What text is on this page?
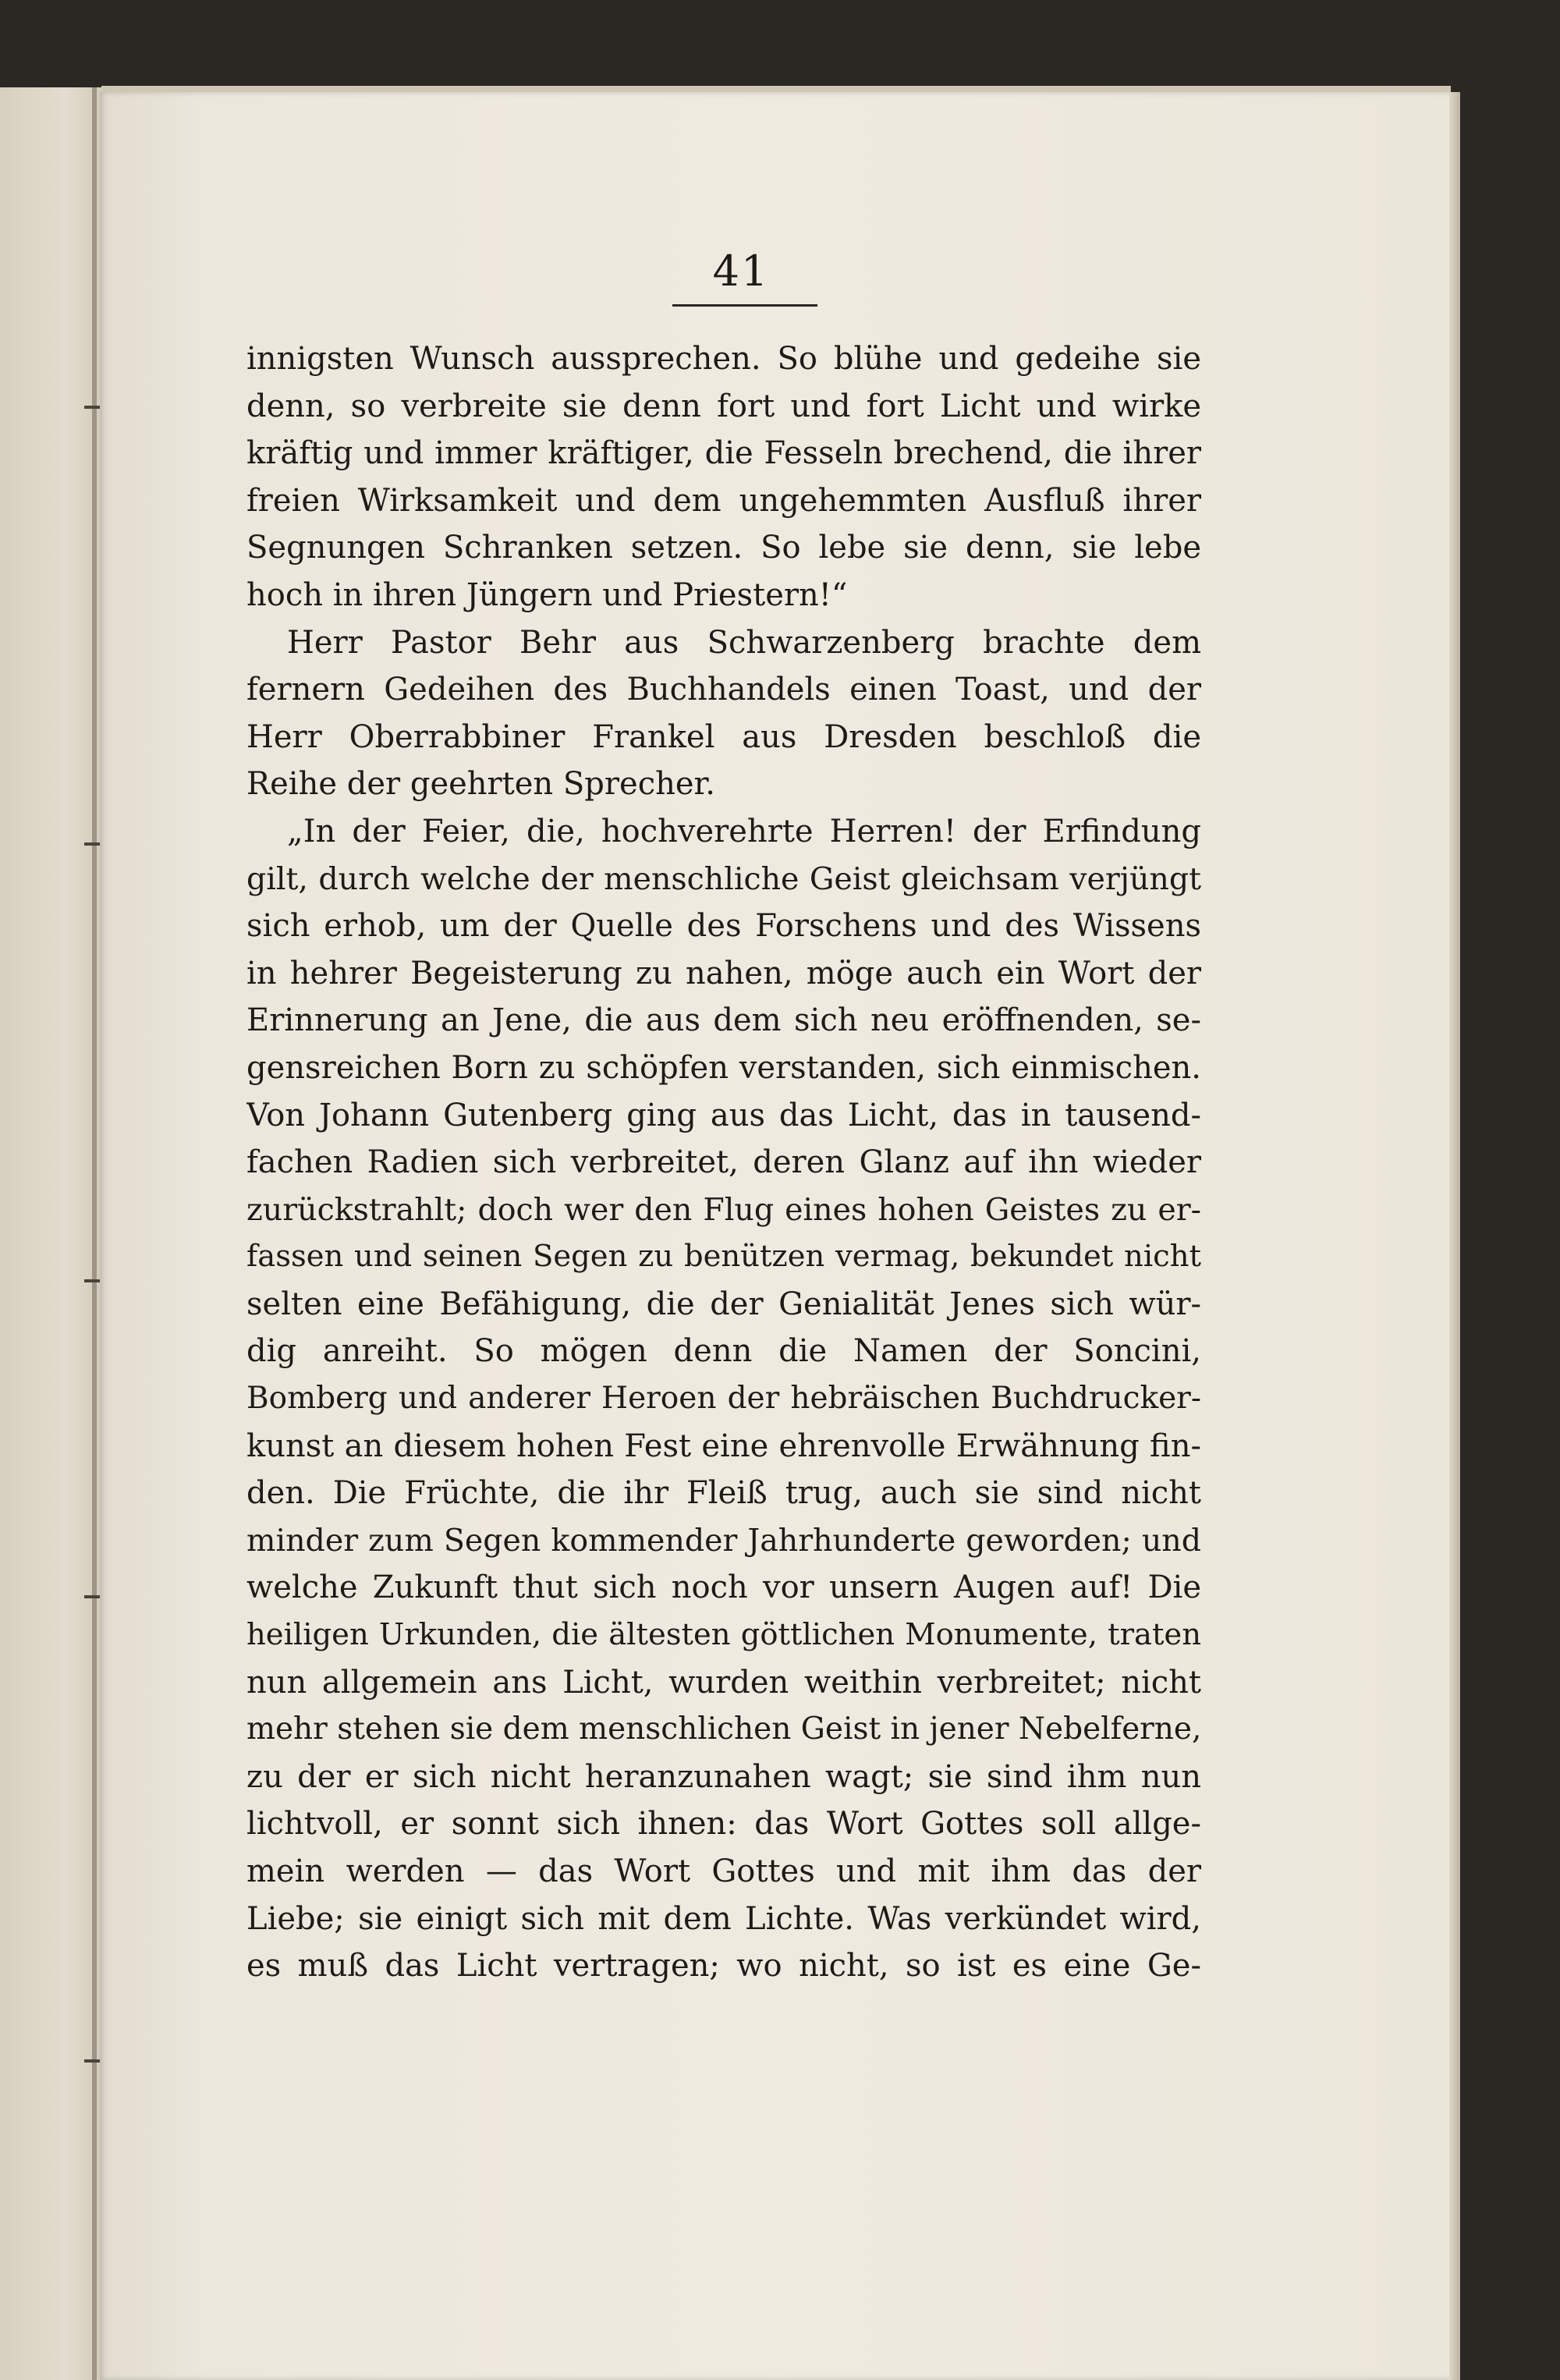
41
innigsten Wunsch aussprechen. So blühe und gedeihe sie
denn, so verbreite sie denn fort und fort Licht und wirke
kräftig und immer kräftiger, die Fesseln brechend, die ihrer
freien Wirksamkeit und dem ungehemmten Ausfluß ihrer
Segnungen Schranken setzen. So lebe sie denn, sie lebe
hoch in ihren Jüngern und Priestern!“
Herr Pastor Behr aus Schwarzenberg brachte dem
fernern Gedeihen des Buchhandels einen Toast, und der
Herr Oberrabbiner Frankel aus Dresden beschloß die
Reihe der geehrten Sprecher.
„In der Feier, die, hochverehrte Herren! der Erfindung
gilt, durch welche der menschliche Geist gleichsam verjüngt
sich erhob, um der Quelle des Forschens und des Wissens
in hehrer Begeisterung zu nahen, möge auch ein Wort der
Erinnerung an Jene, die aus dem sich neu eröffnenden, se-
gensreichen Born zu schöpfen verstanden, sich einmischen.
Von Johann Gutenberg ging aus das Licht, das in tausend-
fachen Radien sich verbreitet, deren Glanz auf ihn wieder
zurückstrahlt; doch wer den Flug eines hohen Geistes zu er-
fassen und seinen Segen zu benützen vermag, bekundet nicht
selten eine Befähigung, die der Genialität Jenes sich wür-
dig anreiht. So mögen denn die Namen der Soncini,
Bomberg und anderer Heroen der hebräischen Buchdrucker-
kunst an diesem hohen Fest eine ehrenvolle Erwähnung fin-
den. Die Früchte, die ihr Fleiß trug, auch sie sind nicht
minder zum Segen kommender Jahrhunderte geworden; und
welche Zukunft thut sich noch vor unsern Augen auf! Die
heiligen Urkunden, die ältesten göttlichen Monumente, traten
nun allgemein ans Licht, wurden weithin verbreitet; nicht
mehr stehen sie dem menschlichen Geist in jener Nebelferne,
zu der er sich nicht heranzunahen wagt; sie sind ihm nun
lichtvoll, er sonnt sich ihnen: das Wort Gottes soll allge-
mein werden — das Wort Gottes und mit ihm das der
Liebe; sie einigt sich mit dem Lichte. Was verkündet wird,
es muß das Licht vertragen; wo nicht, so ist es eine Ge-
